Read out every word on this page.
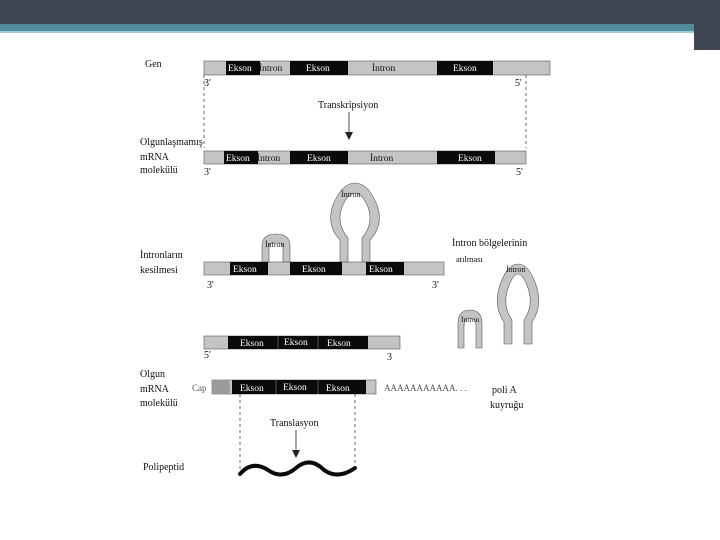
Gen	Ekson İntron	Ekson	İntron	Ekson
3'	5'
Transkripsiyon
Olgunlaşmamış
mRNA
molekülü
Ekson İntron	Ekson	İntron	Ekson
3'	5'
İntronların
kesilmesi
İntron
İntron
Ekson	Ekson	Ekson
3'	3'
İntron bölgelerinin
atılması
İntron
İntron
Ekson Ekson Ekson
5'	3
Olgun
mRNA
molekülü
Cap	Ekson Ekson Ekson	AAAAAAAAAAA. . .	poli A
kuyruğu
Translasyon
Polipeptid
